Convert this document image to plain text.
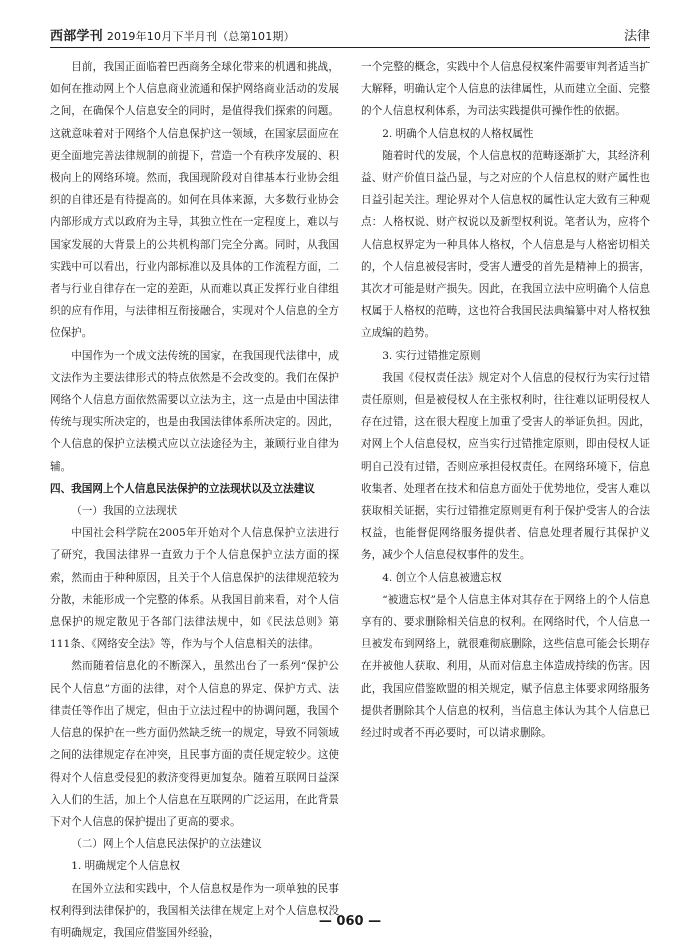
西部学刊 2019年10月下半月刊（总第101期）	法律

目前，我国正面临着巴西商务全球化带来的机遇和挑战，如何在推动网上个人信息商业流通和保护网络商业活动的发展之间，在确保个人信息安全的同时，是值得我们探索的问题。这就意味着对于网络个人信息保护这一领域，在国家层面应在更全面地完善法律规制的前提下，营造一个有秩序发展的、积极向上的网络环境。然而，我国现阶段对自律基本行业协会组织的自律还是有待提高的。如何在具体来源，大多数行业协会内部形成方式以政府为主导，其独立性在一定程度上，难以与国家发展的大背景上的公共机构部门完全分离。同时，从我国实践中可以看出，行业内部标准以及具体的工作流程方面，二者与行业自律存在一定的差距，从而难以真正发挥行业自律组织的应有作用，与法律相互衔接融合，实现对个人信息的全方位保护。

中国作为一个成文法传统的国家，在我国现代法律中，成文法作为主要法律形式的特点依然是不会改变的。我们在保护网络个人信息方面依然需要以立法为主，这一点是由中国法律传统与现实所决定的，也是由我国法律体系所决定的。因此，个人信息的保护立法模式应以立法途径为主，兼顾行业自律为辅。

四、我国网上个人信息民法保护的立法现状以及立法建议
（一）我国的立法现状

中国社会科学院在2005年开始对个人信息保护立法进行了研究，我国法律界一直致力于个人信息保护立法方面的探索，然而由于种种原因，且关于个人信息保护的法律规范较为分散，未能形成一个完整的体系。从我国目前来看，对个人信息保护的规定散见于各部门法律法规中，如《民法总则》第111条、《网络安全法》等，作为与个人信息相关的法律。

然而随着信息化的不断深入，虽然出台了一系列“保护公民个人信息”方面的法律，对个人信息的界定、保护方式、法律责任等作出了规定，但由于立法过程中的协调问题，我国个人信息的保护在一些方面仍然缺乏统一的规定，导致不同领域之间的法律规定存在冲突，且民事方面的责任规定较少。这使得对个人信息受侵犯的救济变得更加复杂。随着互联网日益深入人们的生活，加上个人信息在互联网的广泛运用，在此背景下对个人信息的保护提出了更高的要求。

（二）网上个人信息民法保护的立法建议
1. 明确规定个人信息权

在国外立法和实践中，个人信息权是作为一项单独的民事权利得到法律保护的，我国相关法律在规定上对个人信息权没有明确规定，我国应借鉴国外经验，

一个完整的概念，实践中个人信息侵权案件需要审判者适当扩大解释，明确认定个人信息的法律属性，从而建立全面、完整的个人信息权利体系，为司法实践提供可操作性的依据。

2. 明确个人信息权的人格权属性

随着时代的发展，个人信息权的范畴逐渐扩大，其经济利益、财产价值日益凸显，与之对应的个人信息权的财产属性也日益引起关注。理论界对个人信息权的属性认定大致有三种观点：人格权说、财产权说以及新型权利说。笔者认为，应将个人信息权界定为一种具体人格权，个人信息是与人格密切相关的，个人信息被侵害时，受害人遭受的首先是精神上的损害，其次才可能是财产损失。因此，在我国立法中应明确个人信息权属于人格权的范畴，这也符合我国民法典编纂中对人格权独立成编的趋势。

3. 实行过错推定原则

我国《侵权责任法》规定对个人信息的侵权行为实行过错责任原则，但是被侵权人在主张权利时，往往难以证明侵权人存在过错，这在很大程度上加重了受害人的举证负担。因此，对网上个人信息侵权，应当实行过错推定原则，即由侵权人证明自己没有过错，否则应承担侵权责任。在网络环境下，信息收集者、处理者在技术和信息方面处于优势地位，受害人难以获取相关证据，实行过错推定原则更有利于保护受害人的合法权益，也能督促网络服务提供者、信息处理者履行其保护义务，减少个人信息侵权事件的发生。

4. 创立个人信息被遗忘权

“被遗忘权”是个人信息主体对其存在于网络上的个人信息享有的、要求删除相关信息的权利。在网络时代，个人信息一旦被发布到网络上，就很难彻底删除，这些信息可能会长期存在并被他人获取、利用，从而对信息主体造成持续的伤害。因此，我国应借鉴欧盟的相关规定，赋予信息主体要求网络服务提供者删除其个人信息的权利，当信息主体认为其个人信息已经过时或者不再必要时，可以请求删除。

— 060 —
